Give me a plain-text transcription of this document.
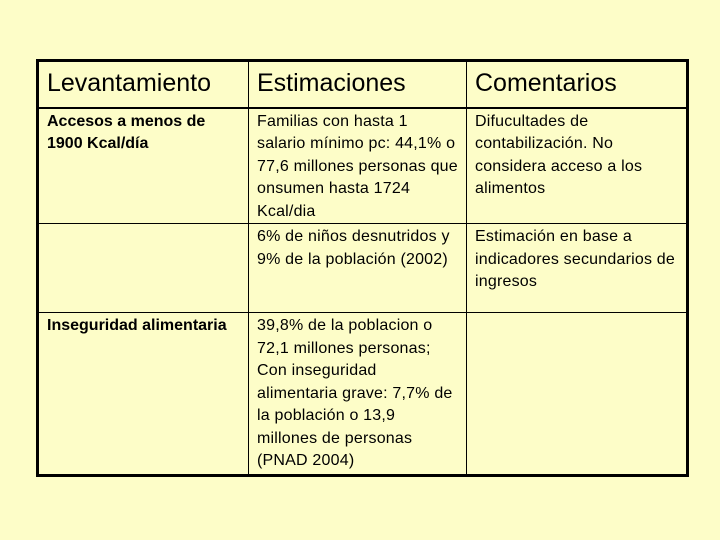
Levantamiento	Estimaciones	Comentarios
Accesos a menos de 1900 Kcal/día	Familias con hasta 1 salario mínimo pc: 44,1% o 77,6 millones personas que onsumen hasta 1724 Kcal/dia	Difucultades de contabilización. No considera acceso a los alimentos
	6% de niños desnutridos y 9% de la población (2002)	Estimación en base a indicadores secundarios de ingresos
Inseguridad alimentaria	39,8% de la poblacion o 72,1 millones personas; Con inseguridad alimentaria grave: 7,7% de la población o 13,9 millones de personas (PNAD 2004)	
